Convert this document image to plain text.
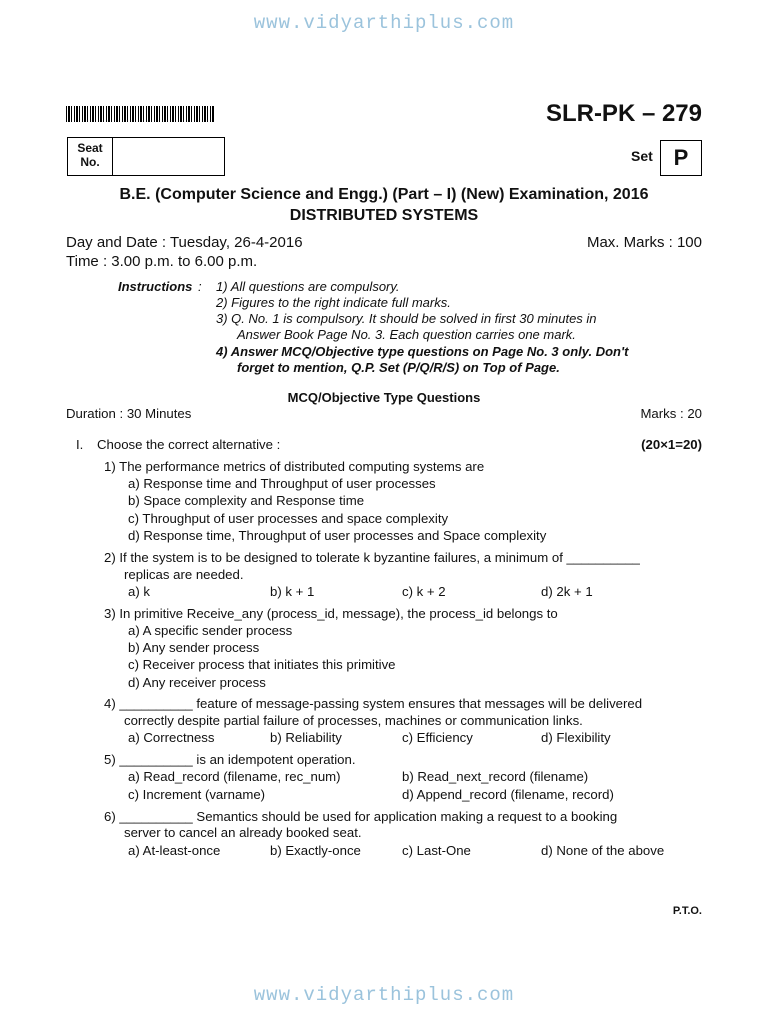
www.vidyarthiplus.com
www.vidyarthiplus.com
Seat No.
SLR-PK – 279
Set P
B.E. (Computer Science and Engg.) (Part – I) (New) Examination, 2016
DISTRIBUTED SYSTEMS
Day and Date : Tuesday, 26-4-2016	Max. Marks : 100
Time : 3.00 p.m. to 6.00 p.m.
Instructions : 1) All questions are compulsory.
2) Figures to the right indicate full marks.
3) Q. No. 1 is compulsory. It should be solved in first 30 minutes in
Answer Book Page No. 3. Each question carries one mark.
4) Answer MCQ/Objective type questions on Page No. 3 only. Don't
forget to mention, Q.P. Set (P/Q/R/S) on Top of Page.
MCQ/Objective Type Questions
Duration : 30 Minutes	Marks : 20
I. Choose the correct alternative :	(20×1=20)
1) The performance metrics of distributed computing systems are
a) Response time and Throughput of user processes
b) Space complexity and Response time
c) Throughput of user processes and space complexity
d) Response time, Throughput of user processes and Space complexity
2) If the system is to be designed to tolerate k byzantine failures, a minimum of __________
replicas are needed.
a) k	b) k + 1	c) k + 2	d) 2k + 1
3) In primitive Receive_any (process_id, message), the process_id belongs to
a) A specific sender process
b) Any sender process
c) Receiver process that initiates this primitive
d) Any receiver process
4) __________ feature of message-passing system ensures that messages will be delivered
correctly despite partial failure of processes, machines or communication links.
a) Correctness	b) Reliability	c) Efficiency	d) Flexibility
5) __________ is an idempotent operation.
a) Read_record (filename, rec_num)	b) Read_next_record (filename)
c) Increment (varname)	d) Append_record (filename, record)
6) __________ Semantics should be used for application making a request to a booking
server to cancel an already booked seat.
a) At-least-once	b) Exactly-once	c) Last-One	d) None of the above
P.T.O.
